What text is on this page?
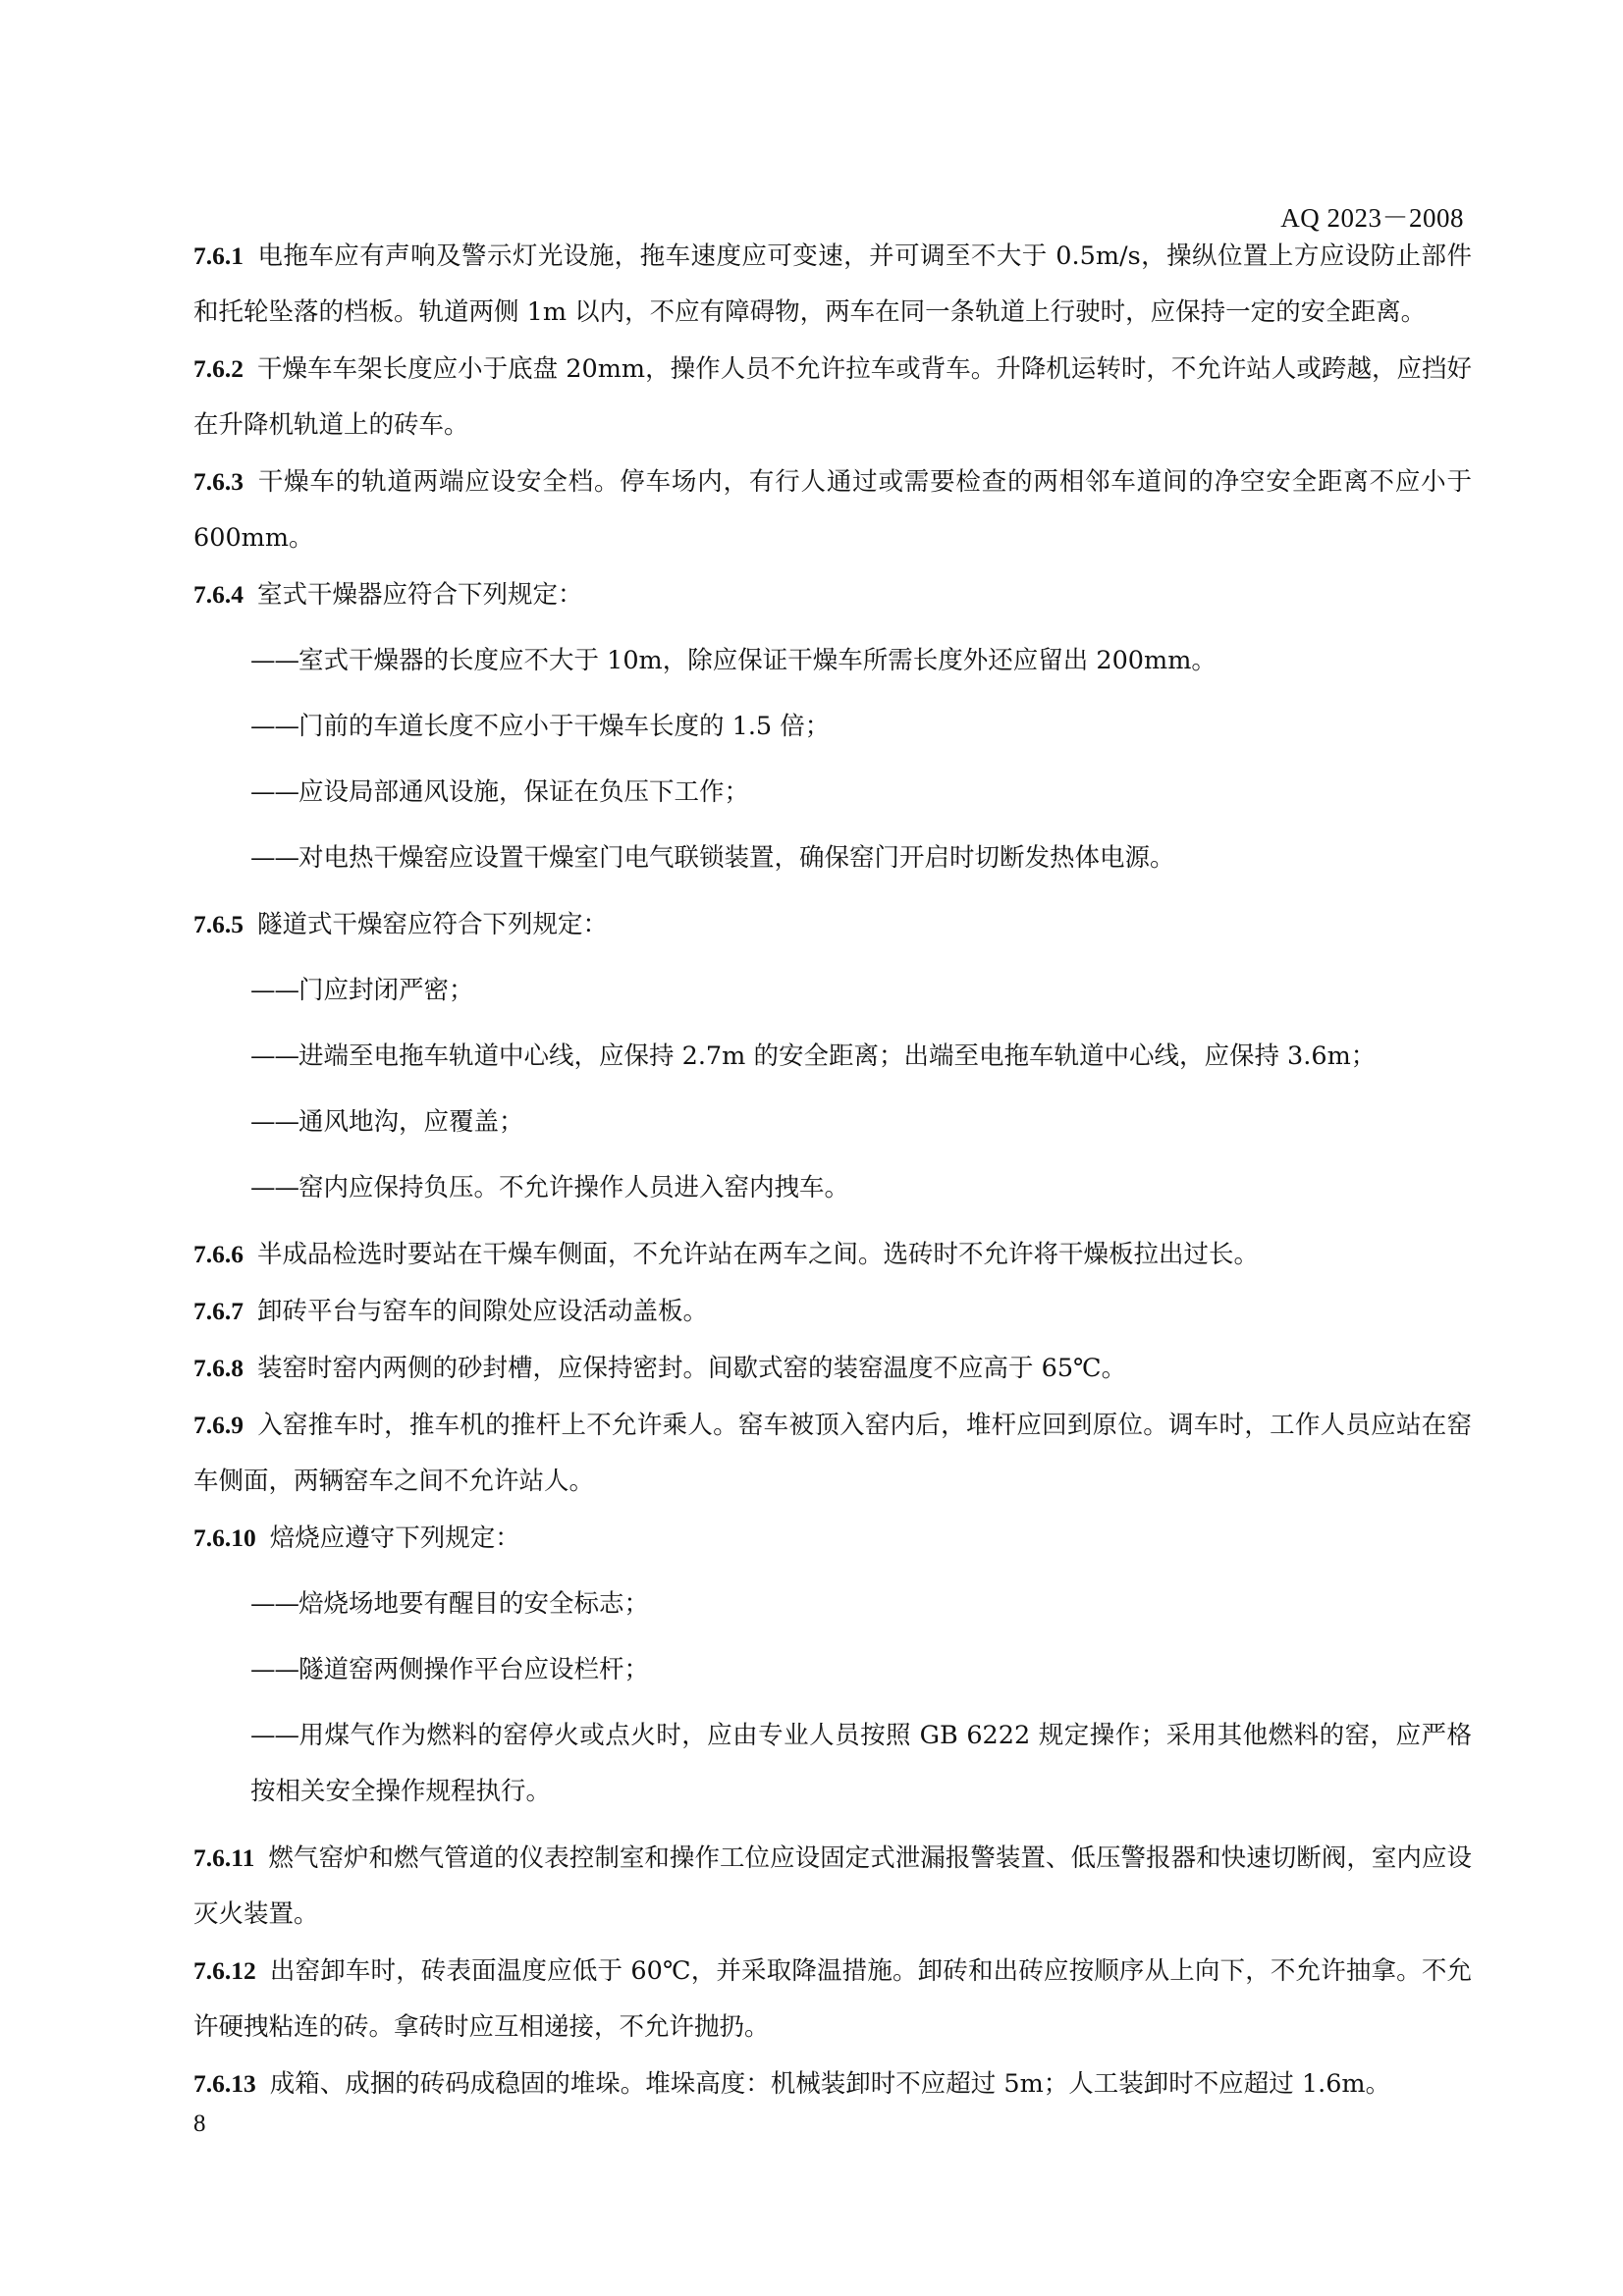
AQ 2023－2008

7.6.1 电拖车应有声响及警示灯光设施，拖车速度应可变速，并可调至不大于 0.5m/s，操纵位置上方应设防止部件和托轮坠落的档板。轨道两侧 1m 以内，不应有障碍物，两车在同一条轨道上行驶时，应保持一定的安全距离。

7.6.2 干燥车车架长度应小于底盘 20mm，操作人员不允许拉车或背车。升降机运转时，不允许站人或跨越，应挡好在升降机轨道上的砖车。

7.6.3 干燥车的轨道两端应设安全档。停车场内，有行人通过或需要检查的两相邻车道间的净空安全距离不应小于 600mm。

7.6.4 室式干燥器应符合下列规定：

——室式干燥器的长度应不大于 10m，除应保证干燥车所需长度外还应留出 200mm。

——门前的车道长度不应小于干燥车长度的 1.5 倍；

——应设局部通风设施，保证在负压下工作；

——对电热干燥窑应设置干燥室门电气联锁装置，确保窑门开启时切断发热体电源。

7.6.5 隧道式干燥窑应符合下列规定：

——门应封闭严密；

——进端至电拖车轨道中心线，应保持 2.7m 的安全距离；出端至电拖车轨道中心线，应保持 3.6m；

——通风地沟，应覆盖；

——窑内应保持负压。不允许操作人员进入窑内拽车。

7.6.6 半成品检选时要站在干燥车侧面，不允许站在两车之间。选砖时不允许将干燥板拉出过长。

7.6.7 卸砖平台与窑车的间隙处应设活动盖板。

7.6.8 装窑时窑内两侧的砂封槽，应保持密封。间歇式窑的装窑温度不应高于 65℃。

7.6.9 入窑推车时，推车机的推杆上不允许乘人。窑车被顶入窑内后，堆杆应回到原位。调车时，工作人员应站在窑车侧面，两辆窑车之间不允许站人。

7.6.10 焙烧应遵守下列规定：

——焙烧场地要有醒目的安全标志；

——隧道窑两侧操作平台应设栏杆；

——用煤气作为燃料的窑停火或点火时，应由专业人员按照 GB 6222 规定操作；采用其他燃料的窑，应严格按相关安全操作规程执行。

7.6.11 燃气窑炉和燃气管道的仪表控制室和操作工位应设固定式泄漏报警装置、低压警报器和快速切断阀，室内应设灭火装置。

7.6.12 出窑卸车时，砖表面温度应低于 60℃，并采取降温措施。卸砖和出砖应按顺序从上向下，不允许抽拿。不允许硬拽粘连的砖。拿砖时应互相递接，不允许抛扔。

7.6.13 成箱、成捆的砖码成稳固的堆垛。堆垛高度：机械装卸时不应超过 5m；人工装卸时不应超过 1.6m。

8
